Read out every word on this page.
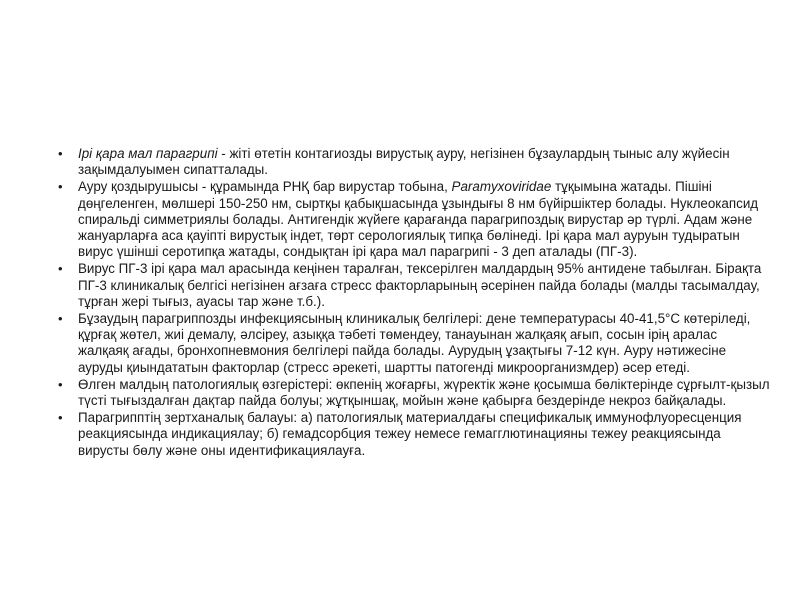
• Ірі қара мал парагрипі - жіті өтетін контагиозды вирустық ауру, негізінен бұзаулардың тыныс алу жүйесін зақымдалуымен сипатталады.
• Ауру қоздырушысы - құрамында РНҚ бар вирустар тобына, Paramyxoviridae тұқымына жатады. Пішіні дөңгеленген, мөлшері 150-250 нм, сыртқы қабықшасында ұзындығы 8 нм бүйіршіктер болады. Нуклеокапсид спиральді симметриялы болады. Антигендік жүйеге қарағанда парагрипоздық вирустар әр түрлі. Адам және жануарларға аса қауіпті вирустық індет, төрт серологиялық типқа бөлінеді. Ірі қара мал ауруын тудыратын вирус үшінші серотипқа жатады, сондықтан ірі қара мал парагрипі - 3 деп аталады (ПГ-3).
• Вирус ПГ-3 ірі қара мал арасында кеңінен таралған, тексерілген малдардың 95% антидене табылған. Бірақта ПГ-3 клиникалық белгісі негізінен ағзаға стресс факторларының әсерінен пайда болады (малды тасымалдау, тұрған жері тығыз, ауасы тар және т.б.).
• Бұзаудың парагриппозды инфекциясының клиникалық белгілері: дене температурасы 40-41,5°С көтеріледі, құрғақ жөтел, жиі демалу, әлсіреу, азыққа тәбеті төмендеу, танауынан жалқаяқ ағып, сосын ірің аралас жалқаяқ ағады, бронхопневмония белгілері пайда болады. Аурудың ұзақтығы 7-12 күн. Ауру нәтижесіне ауруды қиындататын факторлар (стресс әрекеті, шартты патогенді микроорганизмдер) әсер етеді.
• Өлген малдың патологиялық өзгерістері: өкпенің жоғарғы, жүректік және қосымша бөліктерінде сұрғылт-қызыл түсті тығыздалған дақтар пайда болуы; жұтқыншақ, мойын және қабырға бездерінде некроз байқалады.
• Парагрипптің зертханалық балауы: а) патологиялық материалдағы спецификалық иммунофлуоресценция реакциясында индикациялау; б) гемадсорбция тежеу немесе гемагглютинацияны тежеу реакциясында вирусты бөлу және оны идентификациялауға.
